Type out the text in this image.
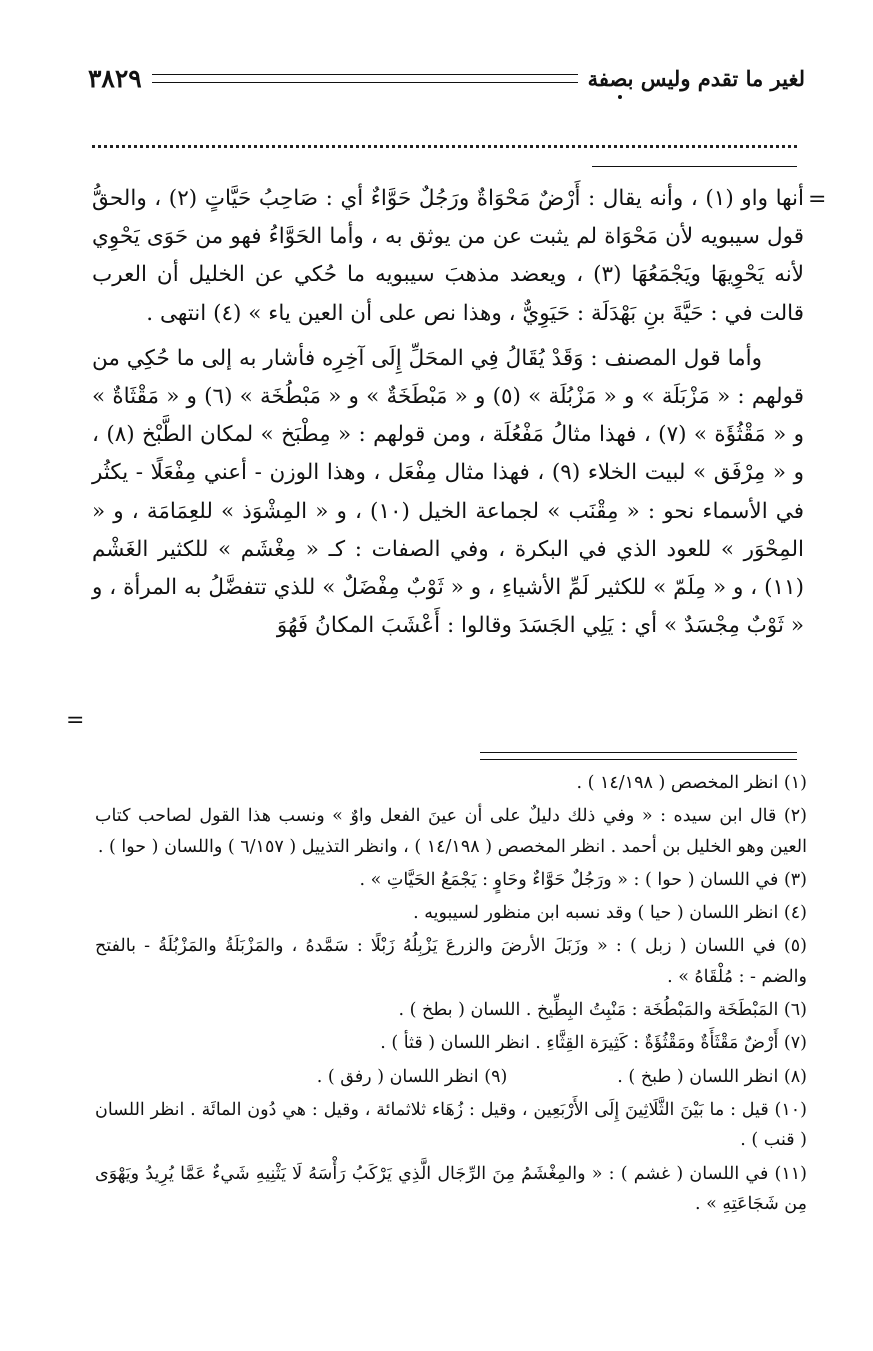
لغير ما تقدم وليس بصفة
٣٨٢٩
=

أنها واو (١) ، وأنه يقال : أَرْضٌ مَحْوَاةٌ ورَجُلٌ حَوَّاءٌ أي : صَاحِبُ حَيَّاتٍ (٢) ، والحقُّ قول سيبويه لأن مَحْوَاة لم يثبت عن من يوثق به ، وأما الحَوَّاءُ فهو من حَوَى يَحْوِي لأنه يَحْوِيهَا ويَجْمَعُهَا (٣) ، ويعضد مذهبَ سيبويه ما حُكي عن الخليل أن العرب قالت في : حَيَّةَ بنِ بَهْدَلَة : حَيَوِيٌّ ، وهذا نص على أن العين ياء » (٤) انتهى .

وأما قول المصنف : وَقَدْ يُقَالُ فِي المحَلِّ إِلَى آخِرِه فأشار به إلى ما حُكِي من قولهم : « مَزْبَلَة » و « مَزْبُلَة » (٥) و « مَبْطَخَةٌ » و « مَبْطُخَة » (٦) و « مَقْثَاةٌ » و « مَقْثُؤَة » (٧) ، فهذا مثالُ مَفْعُلَة ، ومن قولهم : « مِطْبَخ » لمكان الطَّبْخ (٨) ، و « مِرْفَق » لبيت الخلاء (٩) ، فهذا مثال مِفْعَل ، وهذا الوزن - أعني مِفْعَلًا - يكثُر في الأسماء نحو : « مِقْنَب » لجماعة الخيل (١٠) ، و « المِشْوَذ » للعِمَامَة ، و « المِحْوَر » للعود الذي في البكرة ، وفي الصفات : كـ « مِغْشَم » للكثير الغَشْم (١١) ، و « مِلَمّ » للكثير لَمِّ الأشياءِ ، و « ثَوْبٌ مِفْضَلٌ » للذي تتفضَّلُ به المرأة ، و « ثَوْبٌ مِجْسَدٌ » أي : يَلِي الجَسَدَ وقالوا : أَعْشَبَ المكانُ فَهُوَ

=

(١) انظر المخصص ( ١٤/١٩٨ ) .

(٢) قال ابن سيده : « وفي ذلك دليلٌ على أن عينَ الفعل واوٌ » ونسب هذا القول لصاحب كتاب العين وهو الخليل بن أحمد . انظر المخصص ( ١٤/١٩٨ ) ، وانظر التذييل ( ٦/١٥٧ ) واللسان ( حوا ) .

(٣) في اللسان ( حوا ) : « ورَجُلٌ حَوَّاءٌ وحَاوٍ : يَجْمَعُ الحَيَّاتِ » .

(٤) انظر اللسان ( حيا ) وقد نسبه ابن منظور لسيبويه .

(٥) في اللسان ( زبل ) : « وزَبَلَ الأرضَ والزرعَ يَزْبِلُهُ زَبْلًا : سَمَّدهُ ، والمَزْبَلَةُ والمَزْبُلَةُ - بالفتح والضم - : مُلْقَاهُ » .

(٦) المَبْطَخَة والمَبْطُخَة : مَنْبِتُ البِطِّيخ . اللسان ( بطخ ) .

(٧) أَرْضٌ مَقْثَأَةٌ ومَقْثُؤَةٌ : كَثِيرَة القِثَّاءِ . انظر اللسان ( قثأ ) .

(٨) انظر اللسان ( طبخ ) .
(٩) انظر اللسان ( رفق ) .

(١٠) قيل : ما بَيْنَ الثَّلَاثِينَ إِلَى الأَرْبَعِين ، وقيل : زُهَاء ثلاثمائة ، وقيل : هي دُون المائَة . انظر اللسان ( قنب ) .

(١١) في اللسان ( غشم ) : « والمِغْشَمُ مِنَ الرِّجَال الَّذِي يَرْكَبُ رَأْسَهُ لَا يَثْنِيهِ شَيءٌ عَمَّا يُرِيدُ ويَهْوَى مِن شَجَاعَتِهِ » .
